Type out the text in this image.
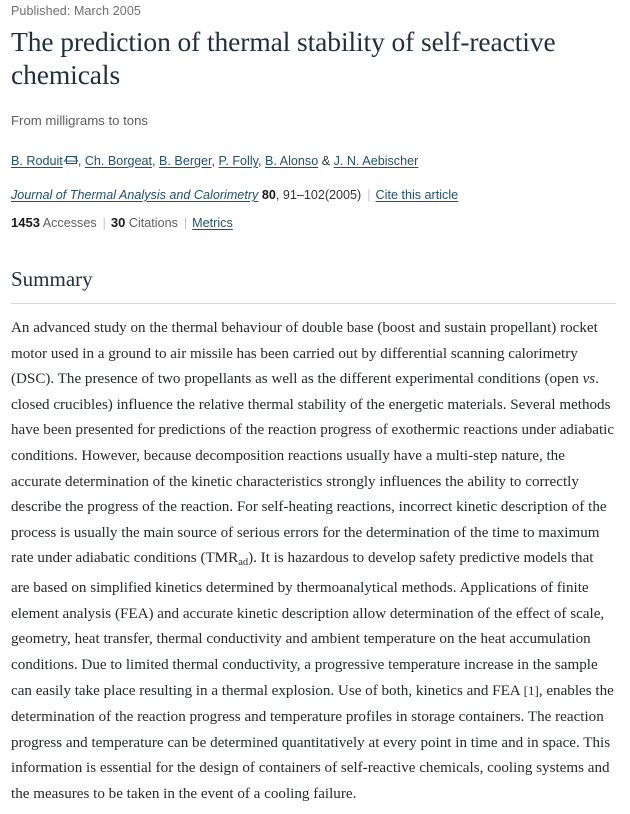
Published: March 2005
The prediction of thermal stability of self-reactive chemicals
From milligrams to tons
B. Roduit , Ch. Borgeat, B. Berger, P. Folly, B. Alonso & J. N. Aebischer
Journal of Thermal Analysis and Calorimetry 80, 91–102(2005) | Cite this article
1453 Accesses | 30 Citations | Metrics
Summary

An advanced study on the thermal behaviour of double base (boost and sustain propellant) rocket motor used in a ground to air missile has been carried out by differential scanning calorimetry (DSC). The presence of two propellants as well as the different experimental conditions (open vs. closed crucibles) influence the relative thermal stability of the energetic materials. Several methods have been presented for predictions of the reaction progress of exothermic reactions under adiabatic conditions. However, because decomposition reactions usually have a multi-step nature, the accurate determination of the kinetic characteristics strongly influences the ability to correctly describe the progress of the reaction. For self-heating reactions, incorrect kinetic description of the process is usually the main source of serious errors for the determination of the time to maximum rate under adiabatic conditions $(TMR_{ad})$. It is hazardous to develop safety predictive models that are based on simplified kinetics determined by thermoanalytical methods. Applications of finite element analysis (FEA) and accurate kinetic description allow determination of the effect of scale, geometry, heat transfer, thermal conductivity and ambient temperature on the heat accumulation conditions. Due to limited thermal conductivity, a progressive temperature increase in the sample can easily take place resulting in a thermal explosion. Use of both, kinetics and FEA [1], enables the determination of the reaction progress and temperature profiles in storage containers. The reaction progress and temperature can be determined quantitatively at every point in time and in space. This information is essential for the design of containers of self-reactive chemicals, cooling systems and the measures to be taken in the event of a cooling failure.
